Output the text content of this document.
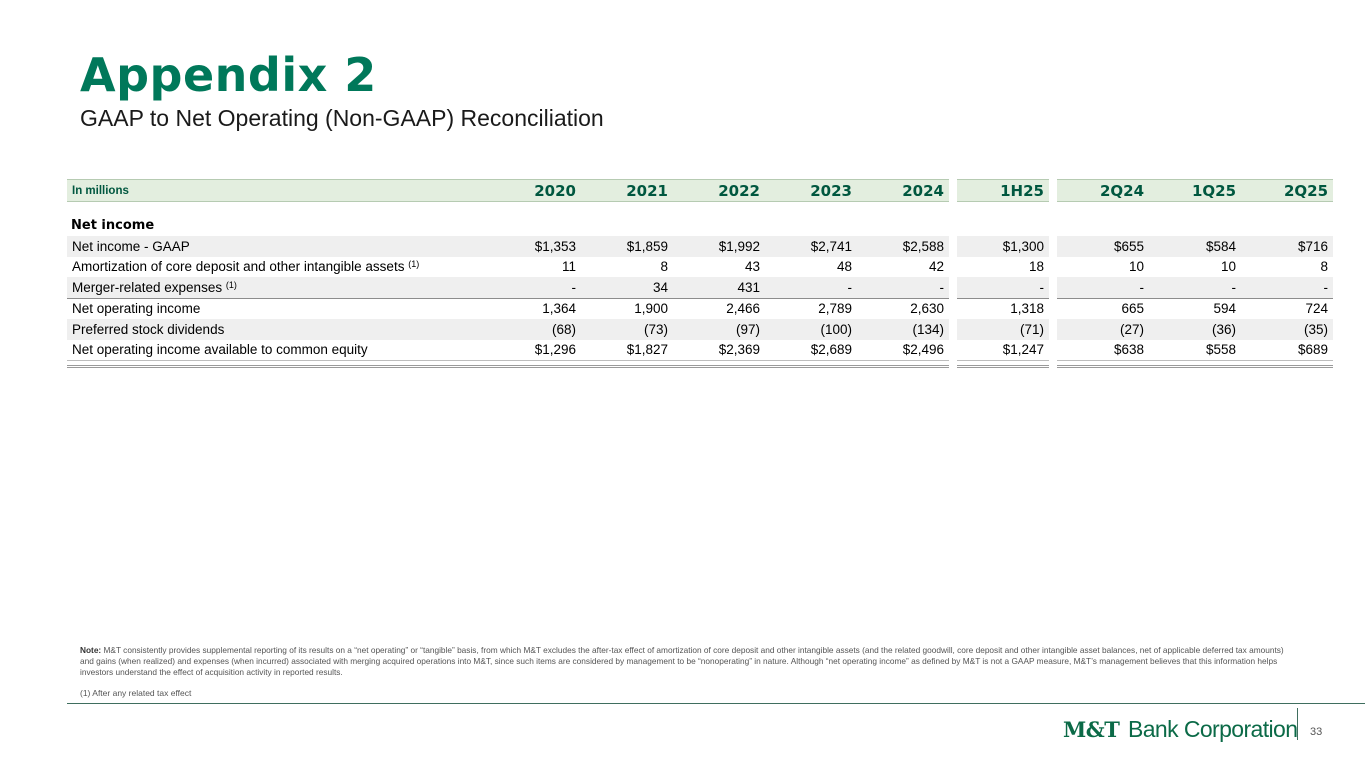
Appendix 2
GAAP to Net Operating (Non-GAAP) Reconciliation
In millions	2020	2021	2022	2023	2024		1H25		2Q24	1Q25	2Q25

Net income											
Net income - GAAP	$1,353	$1,859	$1,992	$2,741	$2,588		$1,300		$655	$584	$716
Amortization of core deposit and other intangible assets $^{(1)}$	11	8	43	48	42		18		10	10	8
Merger-related expenses $^{(1)}$	-	34	431	-	-		-		-	-	-
Net operating income	1,364	1,900	2,466	2,789	2,630		1,318		665	594	724
Preferred stock dividends	(68)	(73)	(97)	(100)	(134)		(71)		(27)	(36)	(35)
Net operating income available to common equity	$1,296	$1,827	$2,369	$2,689	$2,496		$1,247		$638	$558	$689

Note: M&T consistently provides supplemental reporting of its results on a “net operating” or “tangible” basis, from which M&T excludes the after-tax effect of amortization of core deposit and other intangible assets (and the related goodwill, core deposit and other intangible asset balances, net of applicable deferred tax amounts) and gains (when realized) and expenses (when incurred) associated with merging acquired operations into M&T, since such items are considered by management to be “nonoperating” in nature. Although “net operating income” as defined by M&T is not a GAAP measure, M&T’s management believes that this information helps investors understand the effect of acquisition activity in reported results.

(1) After any related tax effect

M&T Bank Corporation 33
